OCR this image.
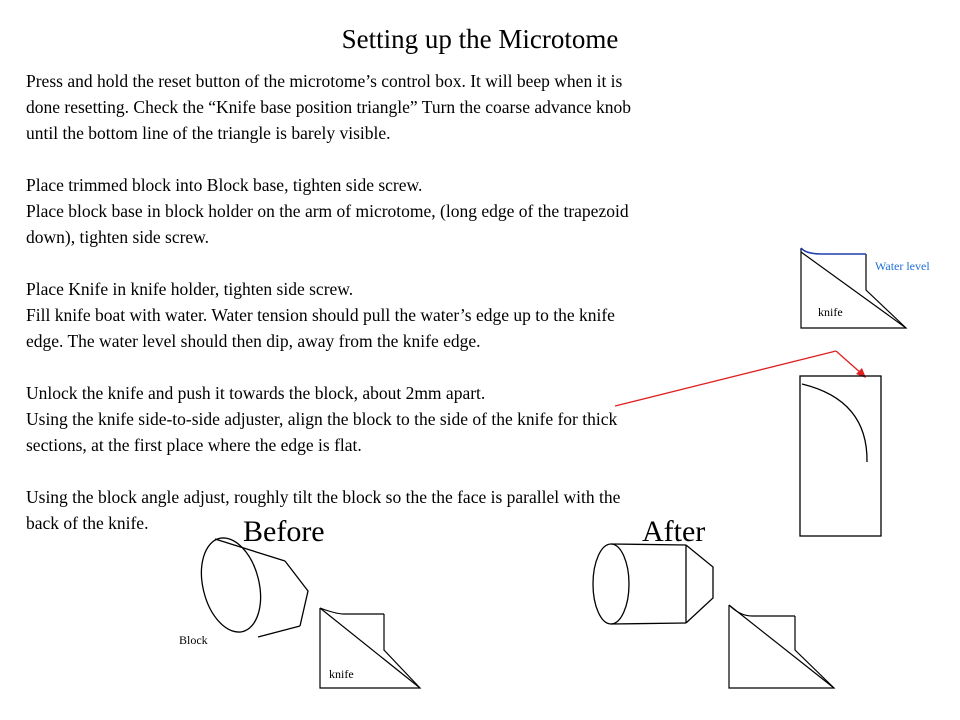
Setting up the Microtome

Press and hold the reset button of the microtome’s control box. It will beep when it is
done resetting. Check the “Knife base position triangle” Turn the coarse advance knob
until the bottom line of the triangle is barely visible.

Place trimmed block into Block base, tighten side screw.
Place block base in block holder on the arm of microtome, (long edge of the trapezoid
down), tighten side screw.

Place Knife in knife holder, tighten side screw.
Fill knife boat with water. Water tension should pull the water’s edge up to the knife
edge. The water level should then dip, away from the knife edge.

Unlock the knife and push it towards the block, about 2mm apart.
Using the knife side-to-side adjuster, align the block to the side of the knife for thick
sections, at the first place where the edge is flat.

Using the block angle adjust, roughly tilt the block so the the face is parallel with the
back of the knife.

Water level
knife
Before	After
Block
knife
